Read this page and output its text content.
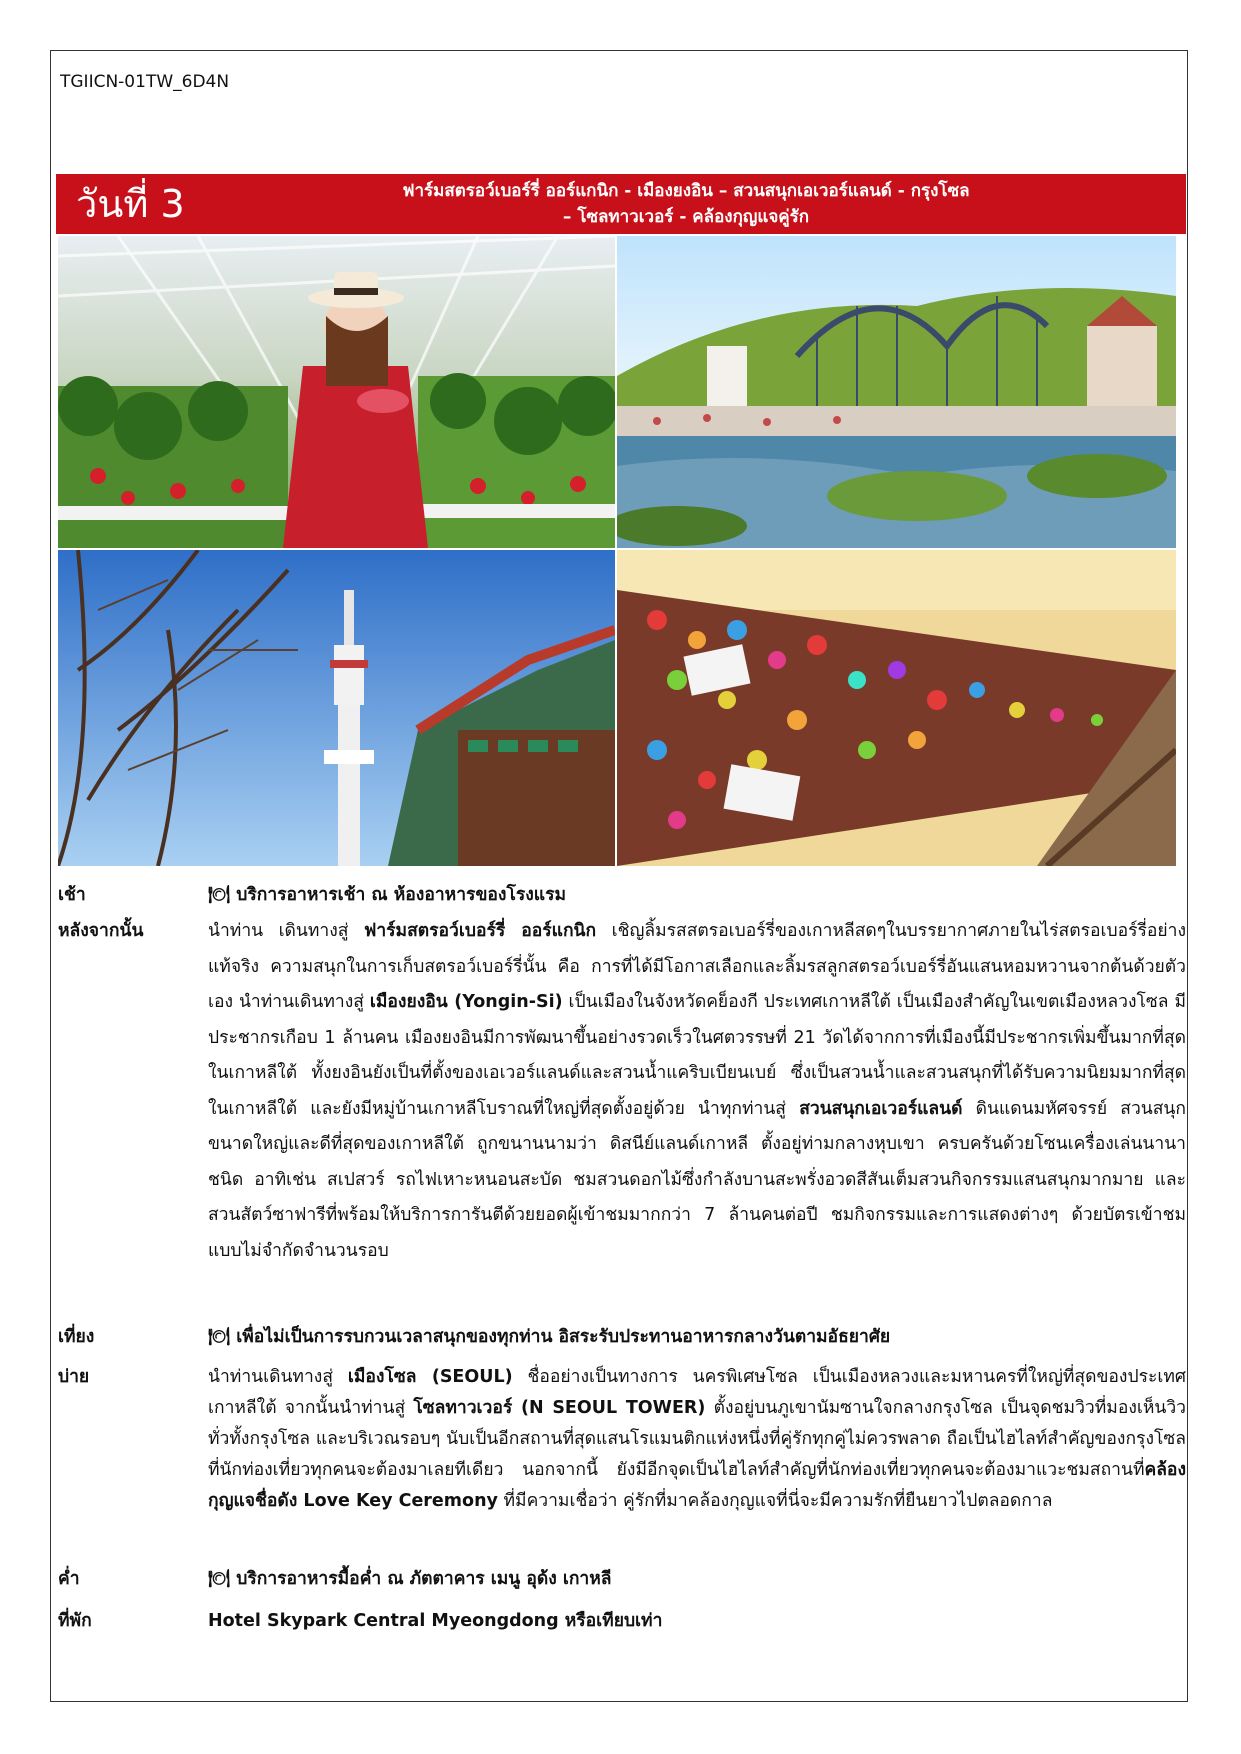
TGIICN-01TW_6D4N
วันที่ 3	ฟาร์มสตรอว์เบอร์รี่ ออร์แกนิก - เมืองยงอิน – สวนสนุกเอเวอร์แลนด์ - กรุงโซล
– โซลทาวเวอร์ - คล้องกุญแจคู่รัก
เช้า	🍽 บริการอาหารเช้า ณ ห้องอาหารของโรงแรม
หลังจากนั้น	นำท่าน เดินทางสู่ ฟาร์มสตรอว์เบอร์รี่ ออร์แกนิก เชิญลิ้มรสสตรอเบอร์รี่ของเกาหลีสดๆในบรรยากาศภายในไร่สตรอเบอร์รี่อย่างแท้จริง ความสนุกในการเก็บสตรอว์เบอร์รี่นั้น คือ การที่ได้มีโอกาสเลือกและลิ้มรสลูกสตรอว์เบอร์รี่อันแสนหอมหวานจากต้นด้วยตัวเอง นำท่านเดินทางสู่ เมืองยงอิน (Yongin-Si) เป็นเมืองในจังหวัดคย็องกี ประเทศเกาหลีใต้ เป็นเมืองสำคัญในเขตเมืองหลวงโซล มีประชากรเกือบ 1 ล้านคน เมืองยงอินมีการพัฒนาขึ้นอย่างรวดเร็วในศตวรรษที่ 21 วัดได้จากการที่เมืองนี้มีประชากรเพิ่มขึ้นมากที่สุดในเกาหลีใต้ ทั้งยงอินยังเป็นที่ตั้งของเอเวอร์แลนด์และสวนน้ำแคริบเบียนเบย์ ซึ่งเป็นสวนน้ำและสวนสนุกที่ได้รับความนิยมมากที่สุดในเกาหลีใต้ และยังมีหมู่บ้านเกาหลีโบราณที่ใหญ่ที่สุดตั้งอยู่ด้วย นำทุกท่านสู่ สวนสนุกเอเวอร์แลนด์ ดินแดนมหัศจรรย์ สวนสนุกขนาดใหญ่และดีที่สุดของเกาหลีใต้ ถูกขนานนามว่า ดิสนีย์แลนด์เกาหลี ตั้งอยู่ท่ามกลางหุบเขา ครบครันด้วยโซนเครื่องเล่นนานาชนิด อาทิเช่น สเปสวร์ รถไฟเหาะหนอนสะบัด ชมสวนดอกไม้ซึ่งกำลังบานสะพรั่งอวดสีสันเต็มสวนกิจกรรมแสนสนุกมากมาย และสวนสัตว์ซาฟารีที่พร้อมให้บริการการันตีด้วยยอดผู้เข้าชมมากกว่า 7 ล้านคนต่อปี ชมกิจกรรมและการแสดงต่างๆ ด้วยบัตรเข้าชมแบบไม่จำกัดจำนวนรอบ
เที่ยง	🍽 เพื่อไม่เป็นการรบกวนเวลาสนุกของทุกท่าน อิสระรับประทานอาหารกลางวันตามอัธยาศัย
บ่าย	นำท่านเดินทางสู่ เมืองโซล (SEOUL) ชื่ออย่างเป็นทางการ นครพิเศษโซล เป็นเมืองหลวงและมหานครที่ใหญ่ที่สุดของประเทศเกาหลีใต้ จากนั้นนำท่านสู่ โซลทาวเวอร์ (N SEOUL TOWER) ตั้งอยู่บนภูเขานัมซานใจกลางกรุงโซล เป็นจุดชมวิวที่มองเห็นวิวทั่วทั้งกรุงโซล และบริเวณรอบๆ นับเป็นอีกสถานที่สุดแสนโรแมนติกแห่งหนึ่งที่คู่รักทุกคู่ไม่ควรพลาด ถือเป็นไฮไลท์สำคัญของกรุงโซลที่นักท่องเที่ยวทุกคนจะต้องมาเลยทีเดียว นอกจากนี้ ยังมีอีกจุดเป็นไฮไลท์สำคัญที่นักท่องเที่ยวทุกคนจะต้องมาแวะชมสถานที่คล้องกุญแจชื่อดัง Love Key Ceremony ที่มีความเชื่อว่า คู่รักที่มาคล้องกุญแจที่นี่จะมีความรักที่ยืนยาวไปตลอดกาล
ค่ำ	🍽 บริการอาหารมื้อค่ำ ณ ภัตตาคาร เมนู อุด้ง เกาหลี
ที่พัก	Hotel Skypark Central Myeongdong หรือเทียบเท่า
